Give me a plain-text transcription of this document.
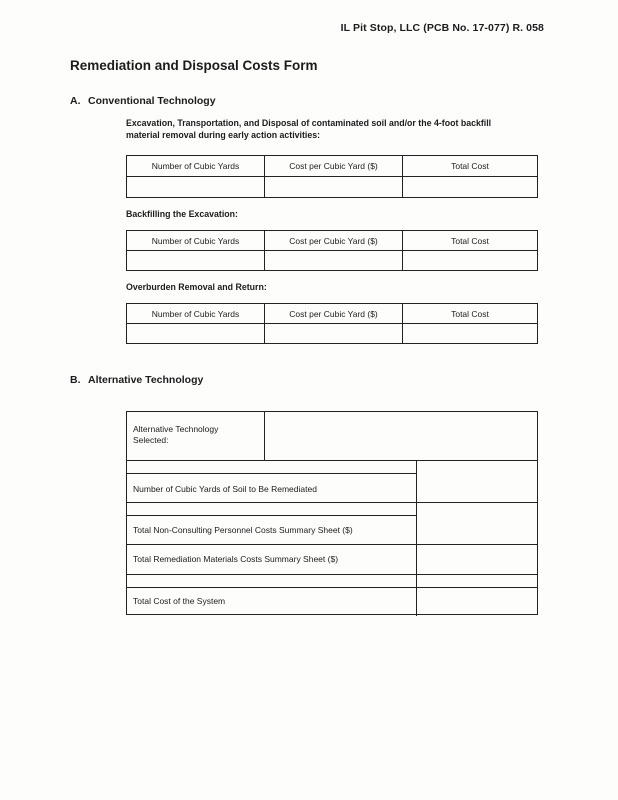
IL Pit Stop, LLC (PCB No. 17-077) R. 058
Remediation and Disposal Costs Form
A. Conventional Technology
Excavation, Transportation, and Disposal of contaminated soil and/or the 4-foot backfill
material removal during early action activities:
Number of Cubic Yards	Cost per Cubic Yard ($)	Total Cost

Backfilling the Excavation:
Number of Cubic Yards	Cost per Cubic Yard ($)	Total Cost

Overburden Removal and Return:
Number of Cubic Yards	Cost per Cubic Yard ($)	Total Cost

B. Alternative Technology
Alternative Technology
Selected:
Number of Cubic Yards of Soil to Be Remediated
Total Non-Consulting Personnel Costs Summary Sheet ($)
Total Remediation Materials Costs Summary Sheet ($)
Total Cost of the System
